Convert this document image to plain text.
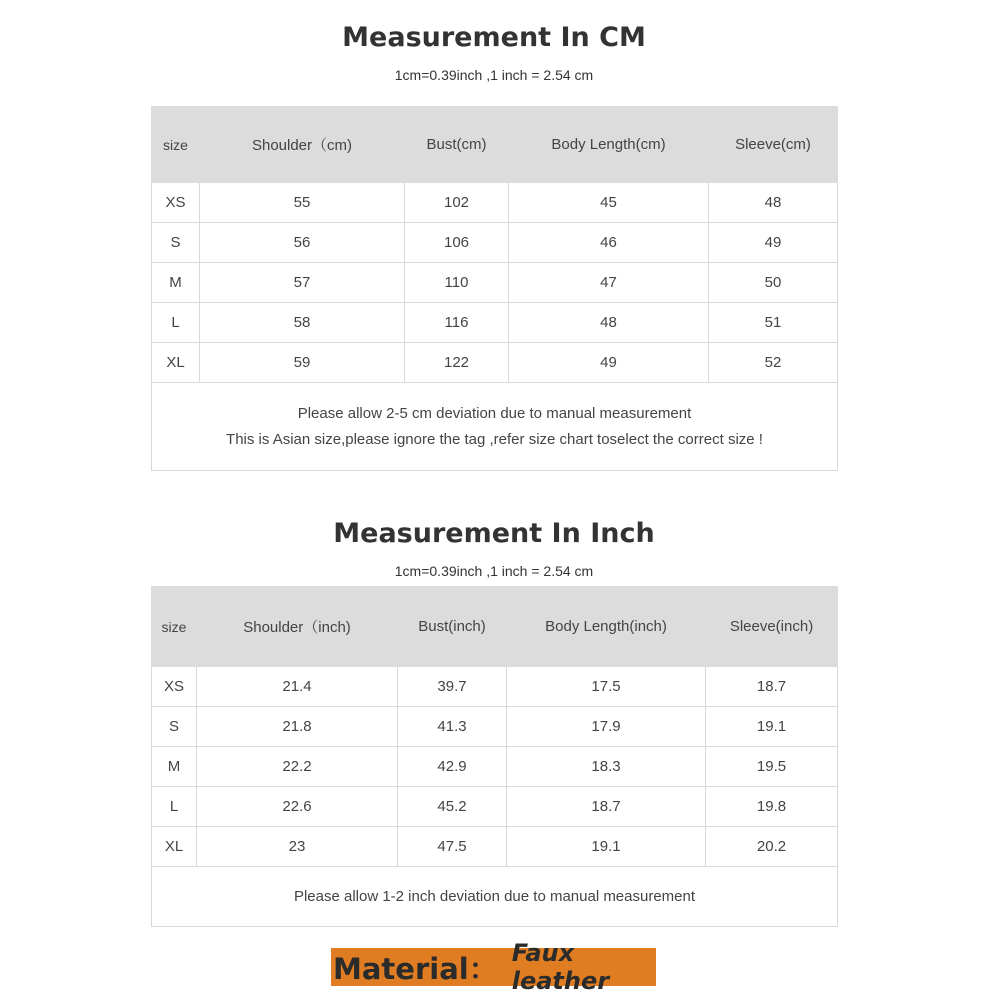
Measurement In CM
1cm=0.39inch ,1 inch = 2.54 cm
size	Shoulder（cm)	Bust(cm)	Body Length(cm)	Sleeve(cm)
XS	55	102	45	48
S	56	106	46	49
M	57	110	47	50
L	58	116	48	51
XL	59	122	49	52

Please allow 2-5 cm deviation due to manual measurement
This is Asian size,please ignore the tag ,refer size chart toselect the correct size !				
Measurement In Inch
1cm=0.39inch ,1 inch = 2.54 cm
size	Shoulder（inch)	Bust(inch)	Body Length(inch)	Sleeve(inch)
XS	21.4	39.7	17.5	18.7
S	21.8	41.3	17.9	19.1
M	22.2	42.9	18.3	19.5
L	22.6	45.2	18.7	19.8
XL	23	47.5	19.1	20.2

Please allow 1-2 inch deviation due to manual measurement				
Material： Faux leather
